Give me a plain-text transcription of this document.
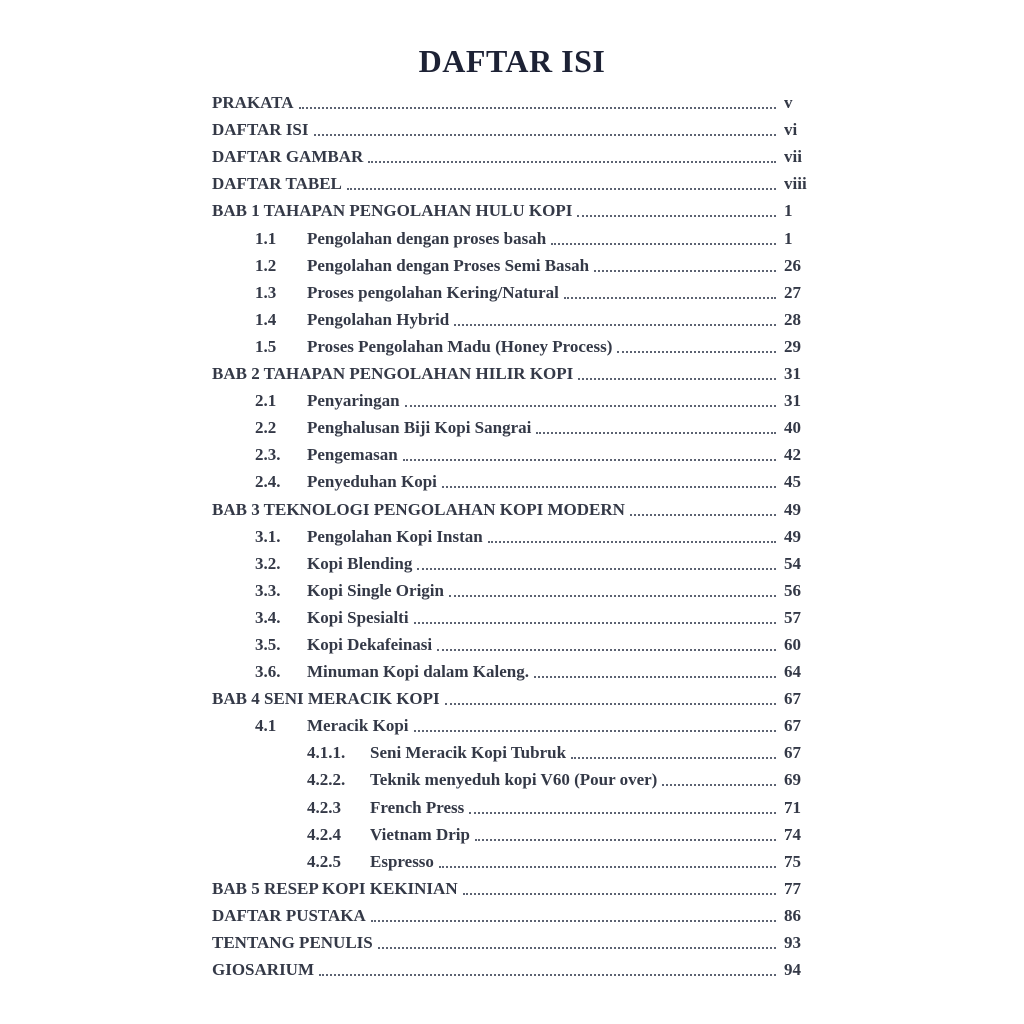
DAFTAR ISI
PRAKATA	v
DAFTAR ISI	vi
DAFTAR GAMBAR	vii
DAFTAR TABEL	viii
BAB 1 TAHAPAN PENGOLAHAN HULU KOPI	1
1.1	Pengolahan dengan proses basah	1
1.2	Pengolahan dengan Proses Semi Basah	26
1.3	Proses pengolahan Kering/Natural	27
1.4	Pengolahan Hybrid	28
1.5	Proses Pengolahan Madu (Honey Process)	29
BAB 2 TAHAPAN PENGOLAHAN HILIR KOPI	31
2.1	Penyaringan	31
2.2	Penghalusan Biji Kopi Sangrai	40
2.3.	Pengemasan	42
2.4.	Penyeduhan Kopi	45
BAB 3 TEKNOLOGI PENGOLAHAN KOPI MODERN	49
3.1.	Pengolahan Kopi Instan	49
3.2.	Kopi Blending	54
3.3.	Kopi Single Origin	56
3.4.	Kopi Spesialti	57
3.5.	Kopi Dekafeinasi	60
3.6.	Minuman Kopi dalam Kaleng.	64
BAB 4 SENI MERACIK KOPI	67
4.1	Meracik Kopi	67
4.1.1.	Seni Meracik Kopi Tubruk	67
4.2.2.	Teknik menyeduh kopi V60 (Pour over)	69
4.2.3	French Press	71
4.2.4	Vietnam Drip	74
4.2.5	Espresso	75
BAB 5 RESEP KOPI KEKINIAN	77
DAFTAR PUSTAKA	86
TENTANG PENULIS	93
GIOSARIUM	94
